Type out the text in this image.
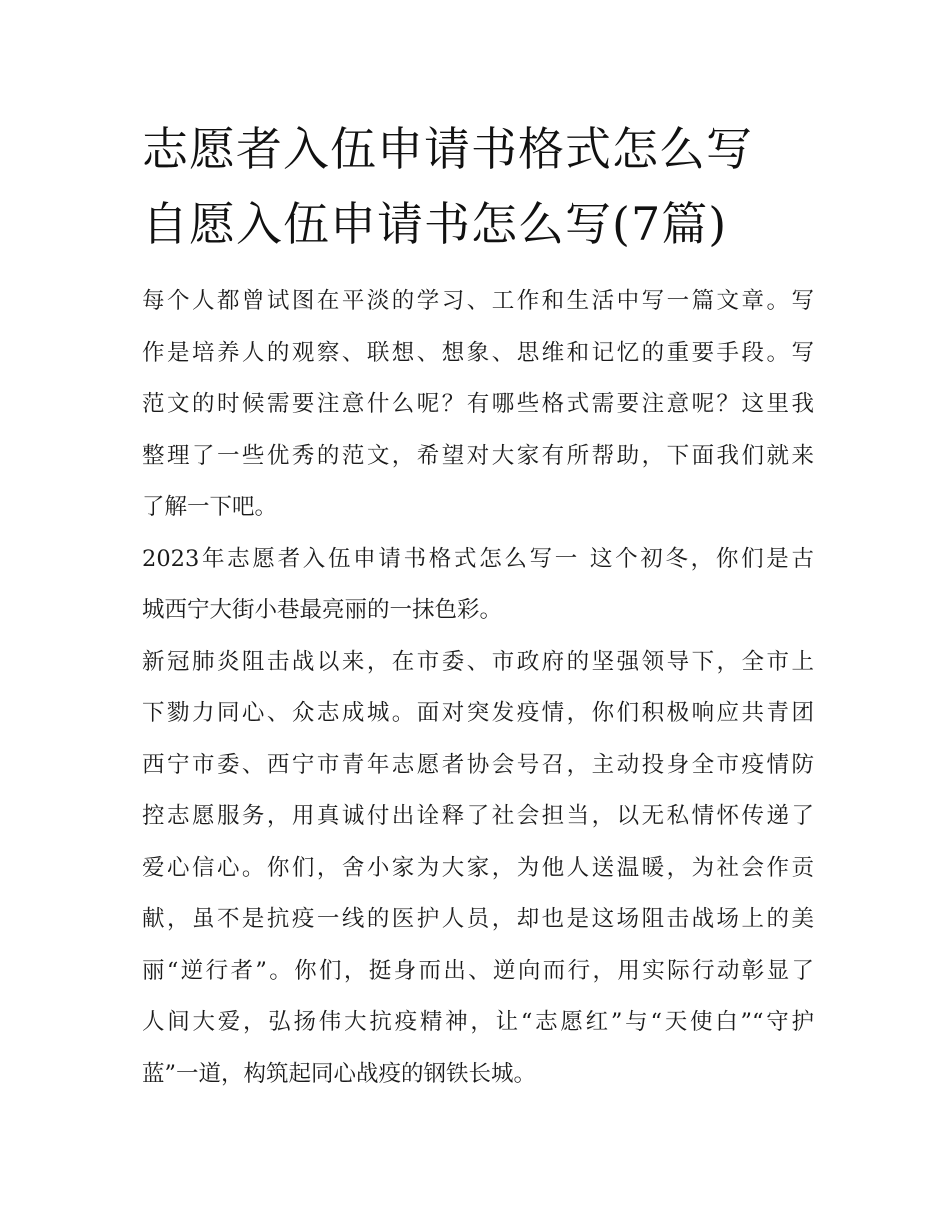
志愿者入伍申请书格式怎么写
自愿入伍申请书怎么写(7篇)
每个人都曾试图在平淡的学习、工作和生活中写一篇文章。写
作是培养人的观察、联想、想象、思维和记忆的重要手段。写
范文的时候需要注意什么呢？有哪些格式需要注意呢？这里我
整理了一些优秀的范文，希望对大家有所帮助，下面我们就来
了解一下吧。
2023年志愿者入伍申请书格式怎么写一 这个初冬，你们是古
城西宁大街小巷最亮丽的一抹色彩。
新冠肺炎阻击战以来，在市委、市政府的坚强领导下，全市上
下勠力同心、众志成城。面对突发疫情，你们积极响应共青团
西宁市委、西宁市青年志愿者协会号召，主动投身全市疫情防
控志愿服务，用真诚付出诠释了社会担当，以无私情怀传递了
爱心信心。你们，舍小家为大家，为他人送温暖，为社会作贡
献，虽不是抗疫一线的医护人员，却也是这场阻击战场上的美
丽“逆行者”。你们，挺身而出、逆向而行，用实际行动彰显了
人间大爱，弘扬伟大抗疫精神，让“志愿红”与“天使白”“守护
蓝”一道，构筑起同心战疫的钢铁长城。
